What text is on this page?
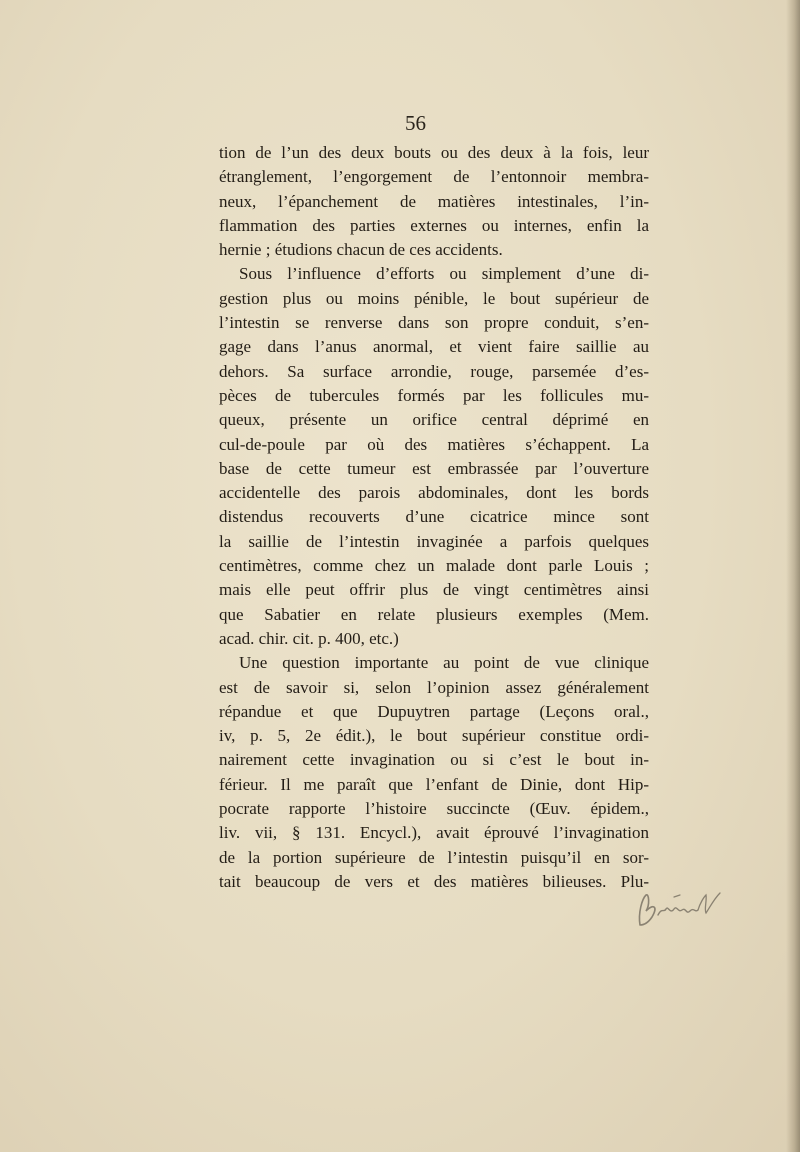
56
tion de l’un des deux bouts ou des deux à la fois, leur
étranglement, l’engorgement de l’entonnoir membra-
neux, l’épanchement de matières intestinales, l’in-
flammation des parties externes ou internes, enfin la
hernie ; étudions chacun de ces accidents.
Sous l’influence d’efforts ou simplement d’une di-
gestion plus ou moins pénible, le bout supérieur de
l’intestin se renverse dans son propre conduit, s’en-
gage dans l’anus anormal, et vient faire saillie au
dehors. Sa surface arrondie, rouge, parsemée d’es-
pèces de tubercules formés par les follicules mu-
queux, présente un orifice central déprimé en
cul-de-poule par où des matières s’échappent. La
base de cette tumeur est embrassée par l’ouverture
accidentelle des parois abdominales, dont les bords
distendus recouverts d’une cicatrice mince sont
la saillie de l’intestin invaginée a parfois quelques
centimètres, comme chez un malade dont parle Louis ;
mais elle peut offrir plus de vingt centimètres ainsi
que Sabatier en relate plusieurs exemples (Mem.
acad. chir. cit. p. 400, etc.)
Une question importante au point de vue clinique
est de savoir si, selon l’opinion assez généralement
répandue et que Dupuytren partage (Leçons oral.,
iv, p. 5, 2e édit.), le bout supérieur constitue ordi-
nairement cette invagination ou si c’est le bout in-
férieur. Il me paraît que l’enfant de Dinie, dont Hip-
pocrate rapporte l’histoire succincte (Œuv. épidem.,
liv. vii, § 131. Encycl.), avait éprouvé l’invagination
de la portion supérieure de l’intestin puisqu’il en sor-
tait beaucoup de vers et des matières bilieuses. Plu-
